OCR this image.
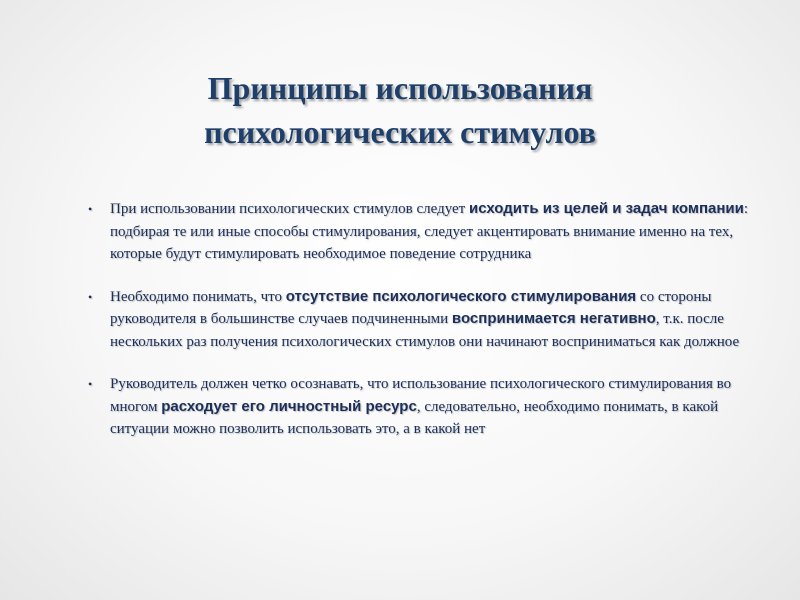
Принципы использования
психологических стимулов
• При использовании психологических стимулов следует исходить из целей и задач компании: подбирая те или иные способы стимулирования, следует акцентировать внимание именно на тех, которые будут стимулировать необходимое поведение сотрудника
• Необходимо понимать, что отсутствие психологического стимулирования со стороны руководителя в большинстве случаев подчиненными воспринимается негативно, т.к. после нескольких раз получения психологических стимулов они начинают восприниматься как должное
• Руководитель должен четко осознавать, что использование психологического стимулирования во многом расходует его личностный ресурс, следовательно, необходимо понимать, в какой ситуации можно позволить использовать это, а в какой нет
